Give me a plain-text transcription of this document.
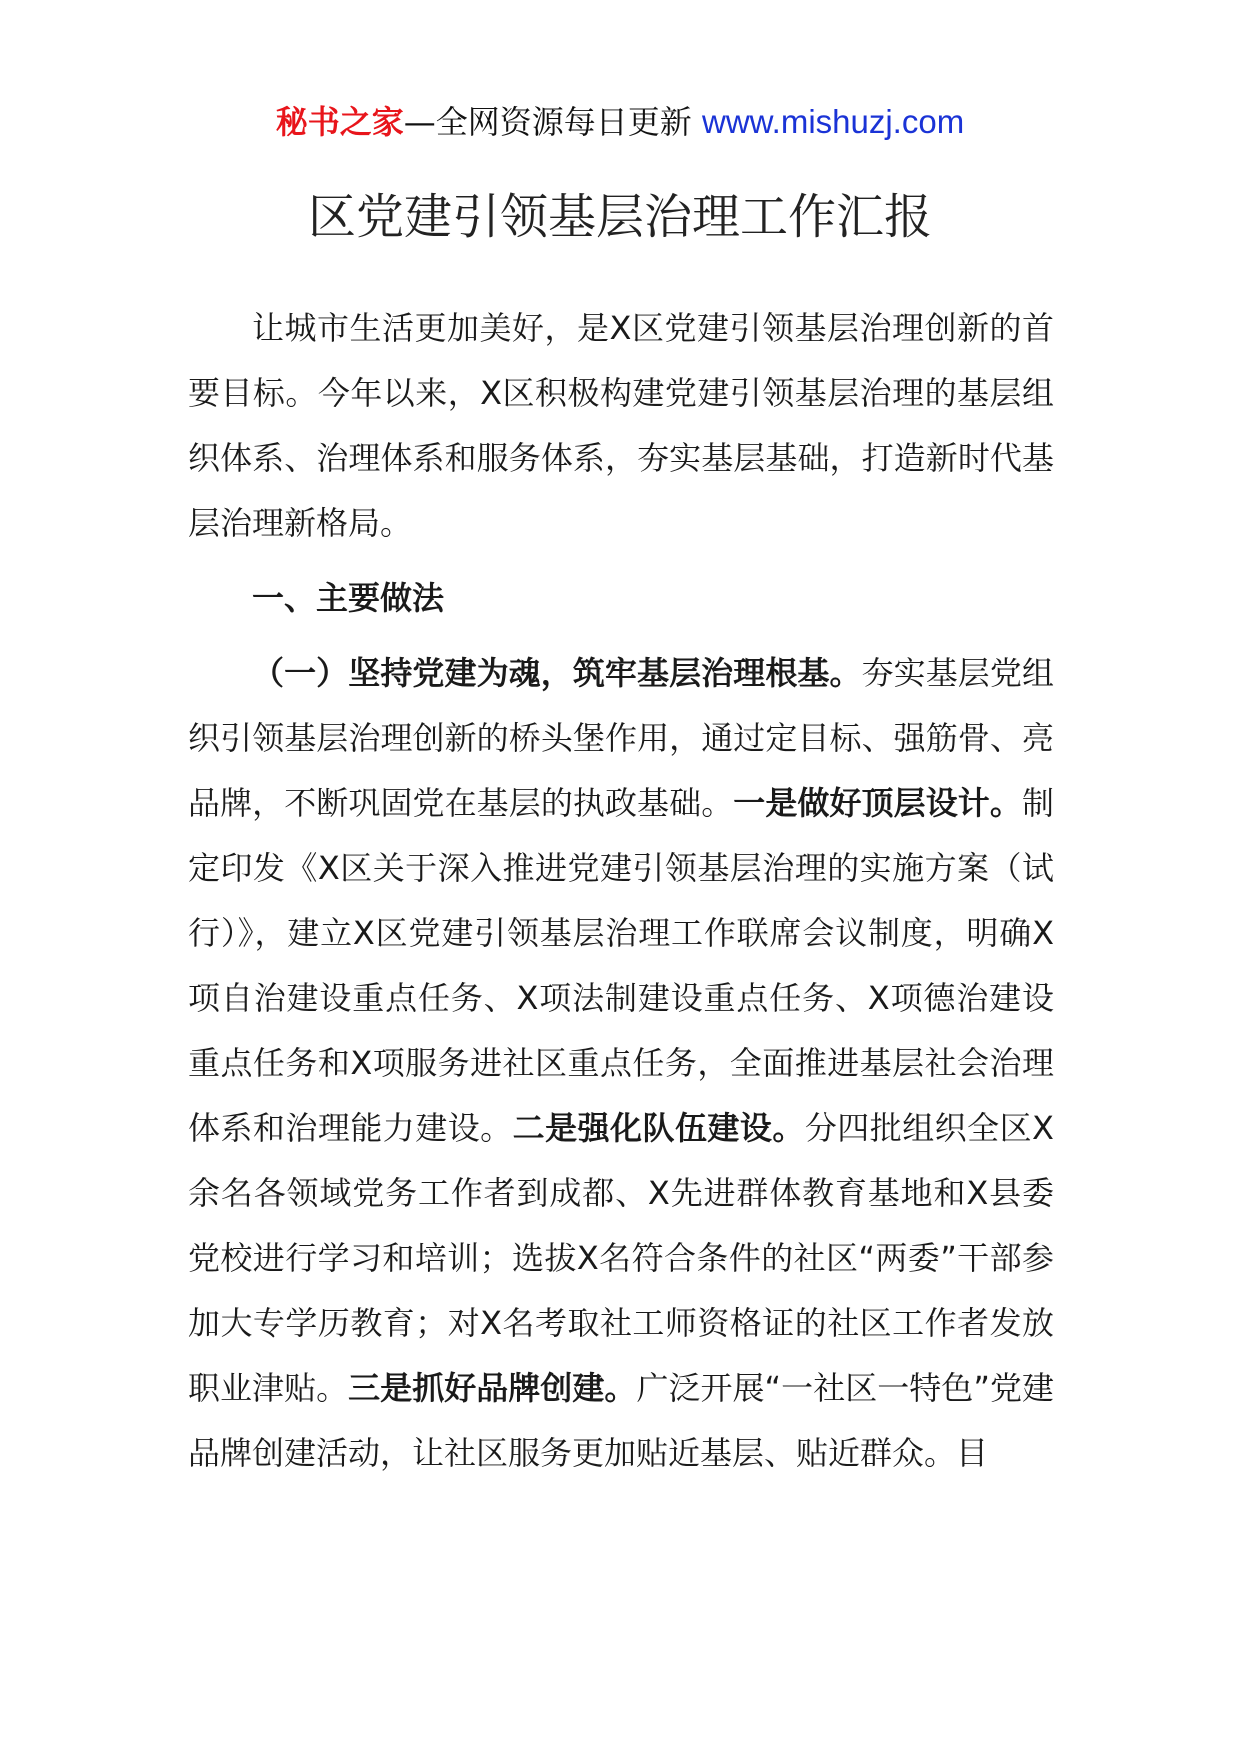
秘书之家—全网资源每日更新 www.mishuzj.com
区党建引领基层治理工作汇报

让城市生活更加美好，是X区党建引领基层治理创新的首要目标。今年以来，X区积极构建党建引领基层治理的基层组织体系、治理体系和服务体系，夯实基层基础，打造新时代基层治理新格局。

一、主要做法

（一）坚持党建为魂，筑牢基层治理根基。夯实基层党组织引领基层治理创新的桥头堡作用，通过定目标、强筋骨、亮品牌，不断巩固党在基层的执政基础。一是做好顶层设计。制定印发《X区关于深入推进党建引领基层治理的实施方案（试行）》，建立X区党建引领基层治理工作联席会议制度，明确X项自治建设重点任务、X项法制建设重点任务、X项德治建设重点任务和X项服务进社区重点任务，全面推进基层社会治理体系和治理能力建设。二是强化队伍建设。分四批组织全区X余名各领域党务工作者到成都、X先进群体教育基地和X县委党校进行学习和培训；选拔X名符合条件的社区“两委”干部参加大专学历教育；对X名考取社工师资格证的社区工作者发放职业津贴。三是抓好品牌创建。广泛开展“一社区一特色”党建品牌创建活动，让社区服务更加贴近基层、贴近群众。目
